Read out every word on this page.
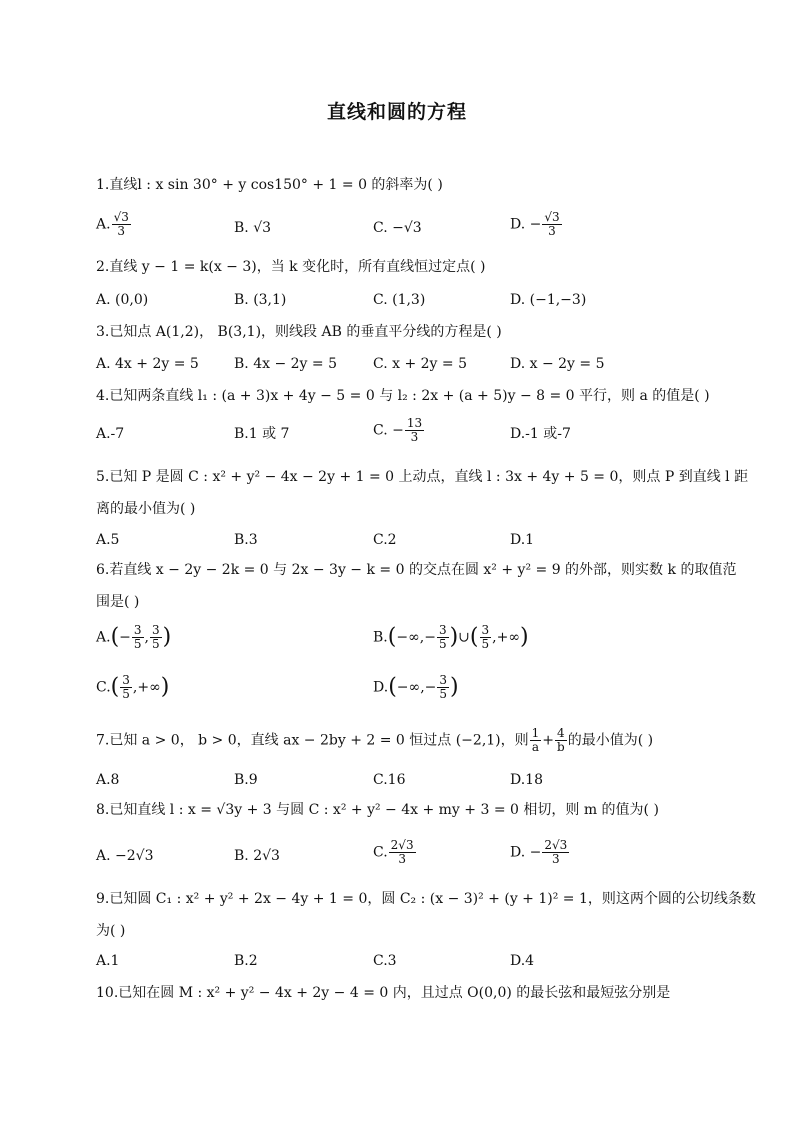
直线和圆的方程
1.直线l : x sin 30° + y cos150° + 1 = 0 的斜率为( )
A. $\frac{√3}{3}$	B. √3	C. −√3	D. − $\frac{√3}{3}$
2.直线 y − 1 = k(x − 3)，当 k 变化时，所有直线恒过定点( )
A. (0,0)	B. (3,1)	C. (1,3)	D. (−1,−3)
3.已知点 A(1,2)， B(3,1)，则线段 AB 的垂直平分线的方程是( )
A. 4x + 2y = 5	B. 4x − 2y = 5	C. x + 2y = 5	D. x − 2y = 5
4.已知两条直线 l₁ : (a + 3)x + 4y − 5 = 0 与 l₂ : 2x + (a + 5)y − 8 = 0 平行，则 a 的值是( )
A.-7	B.1 或 7	C. − $\frac{13}{3}$	D.-1 或-7
5.已知 P 是圆 C : x² + y² − 4x − 2y + 1 = 0 上动点，直线 l : 3x + 4y + 5 = 0，则点 P 到直线 l 距
离的最小值为( )
A.5	B.3	C.2	D.1
6.若直线 x − 2y − 2k = 0 与 2x − 3y − k = 0 的交点在圆 x² + y² = 9 的外部，则实数 k 的取值范
围是( )
$A.(- \frac{3}{5}$ , $\frac{3}{5}$ )	$B.(-\infty,- \frac{3}{5}$ )∪( $\frac{3}{5}$ ,+∞)
$C.( \frac{3}{5}$ ,+∞)	$D.(-\infty,- \frac{3}{5}$ )
7.已知 a > 0， b > 0，直线 ax − 2by + 2 = 0 恒过点 (−2,1)，则 $\frac{1}{a} + \frac{4}{b}$ 的最小值为( )
A.8	B.9	C.16	D.18
8.已知直线 l : x = √3y + 3 与圆 C : x² + y² − 4x + my + 3 = 0 相切，则 m 的值为( )
A. −2√3	B. 2√3	C. $\frac{2√3}{3}$	D. − $\frac{2√3}{3}$
9.已知圆 C₁ : x² + y² + 2x − 4y + 1 = 0，圆 C₂ : (x − 3)² + (y + 1)² = 1，则这两个圆的公切线条数
为( )
A.1	B.2	C.3	D.4
10.已知在圆 M : x² + y² − 4x + 2y − 4 = 0 内，且过点 O(0,0) 的最长弦和最短弦分别是
